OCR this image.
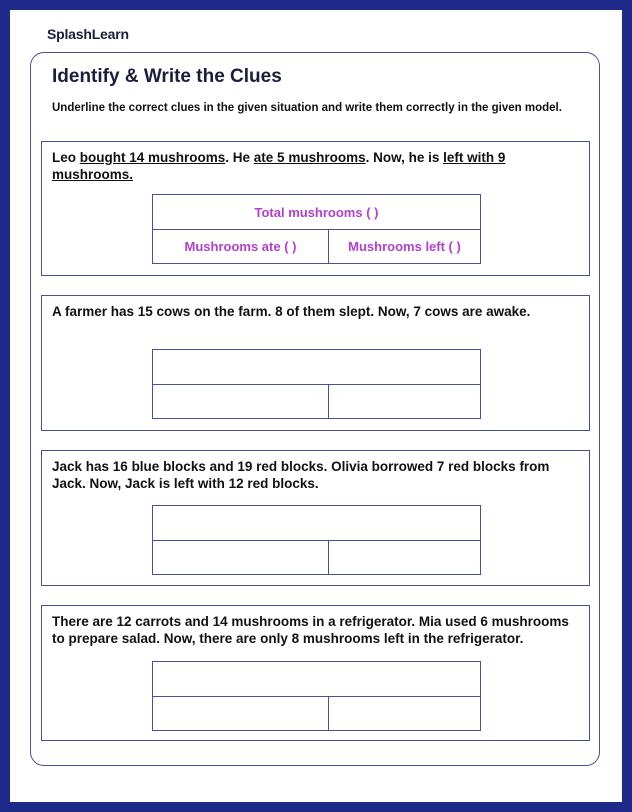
SplashLearn
Identify & Write the Clues
Underline the correct clues in the given situation and write them correctly in the given model.
Leo bought 14 mushrooms. He ate 5 mushrooms. Now, he is left with 9 mushrooms.
Total mushrooms ( )
Mushrooms ate ( )	Mushrooms left ( )
A farmer has 15 cows on the farm. 8 of them slept. Now, 7 cows are awake.
Jack has 16 blue blocks and 19 red blocks. Olivia borrowed 7 red blocks from Jack. Now, Jack is left with 12 red blocks.
There are 12 carrots and 14 mushrooms in a refrigerator. Mia used 6 mushrooms to prepare salad. Now, there are only 8 mushrooms left in the refrigerator.
